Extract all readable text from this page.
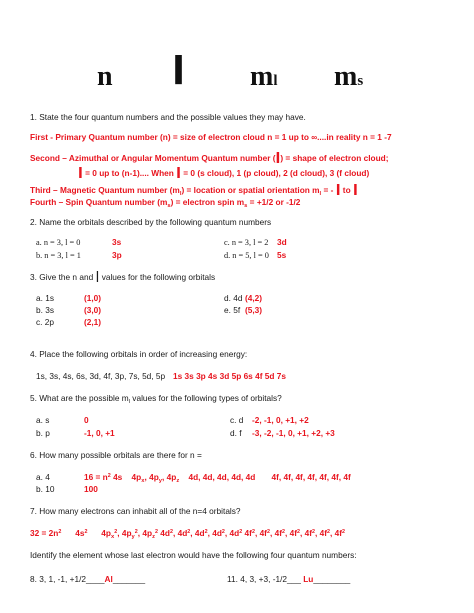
n l ml ms
1. State the four quantum numbers and the possible values they may have.
First - Primary Quantum number (n) = size of electron cloud n = 1 up to ∞....in reality n = 1 -7
Second – Azimuthal or Angular Momentum Quantum number (l) = shape of electron cloud;
l = 0 up to (n-1).... When l = 0 (s cloud), 1 (p cloud), 2 (d cloud), 3 (f cloud)
Third – Magnetic Quantum number $(m_l)$ = location or spatial orientation $m_l$ = - l to l
Fourth – Spin Quantum number $(m_s)$ = electron spin $m_s = +1/2$ or -1/2
2. Name the orbitals described by the following quantum numbers
a. n = 3, l = 0	3s	c. n = 3, l = 2 3d
b. n = 3, l = 1	3p	d. n = 5, l = 0 5s
3. Give the n and l values for the following orbitals
a. 1s	(1,0)	d. 4d (4,2)
b. 3s	(3,0)	e. 5f (5,3)
c. 2p	(2,1)
4. Place the following orbitals in order of increasing energy:
1s, 3s, 4s, 6s, 3d, 4f, 3p, 7s, 5d, 5p 1s 3s 3p 4s 3d 5p 6s 4f 5d 7s
5. What are the possible $m_l$ values for the following types of orbitals?
a. s	0	c. d -2, -1, 0, +1, +2
b. p	-1, 0, +1	d. f -3, -2, -1, 0, +1, +2, +3
6. How many possible orbitals are there for n =
a. 4	$16 = n^2$ 4s $4p_x$, $4p_y$, $4p_z$ 4d, 4d, 4d, 4d, 4d 4f, 4f, 4f, 4f, 4f, 4f, 4f
b. 10	100
7. How many electrons can inhabit all of the n=4 orbitals?
$32 = 2n^2$ $4s^2$ $4p_x^2$, $4p_y^2$, $4p_z^2$ $4d^2$, $4d^2$, $4d^2$, $4d^2$, $4d^2$ $4f^2$, $4f^2$, $4f^2$, $4f^2$, $4f^2$, $4f^2$, $4f^2$
Identify the element whose last electron would have the following four quantum numbers:
8. 3, 1, -1, +1/2____Al_______	11. 4, 3, +3, -1/2___ Lu________
